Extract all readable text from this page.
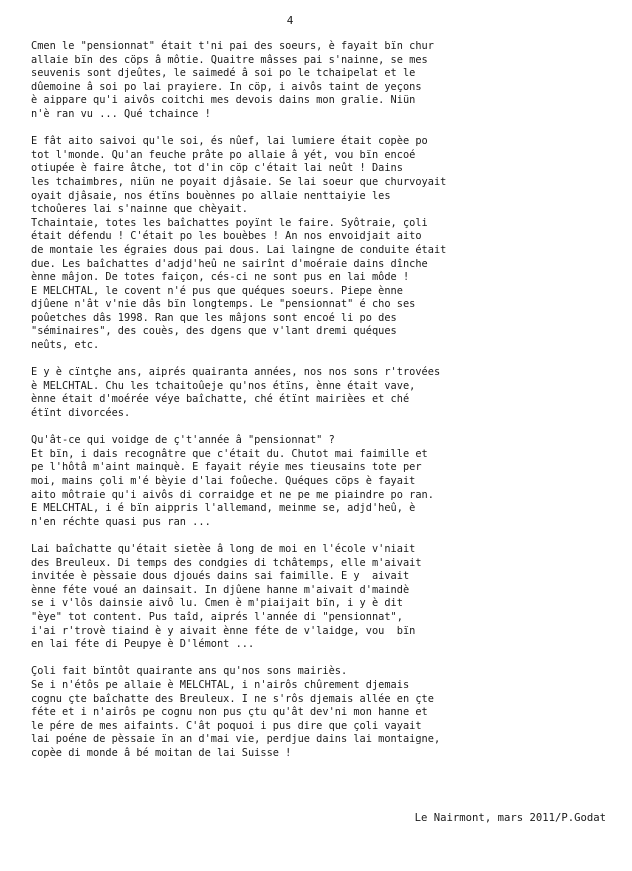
4

Cmen le "pensionnat" était t'ni pai des soeurs, è fayait bïn chur
allaie bïn des cöps â môtie. Quaitre mâsses pai s'nainne, se mes
seuvenis sont djeûtes, le saimedé â soi po le tchaipelat et le
dûemoine â soi po lai prayiere. In cöp, i aivôs taint de yeçons
è aippare qu'i aivôs coitchi mes devois dains mon gralie. Niün
n'è ran vu ... Qué tchaince !

E fât aito saivoi qu'le soi, és nûef, lai lumiere était copèe po
tot l'monde. Qu'an feuche prâte po allaie â yét, vou bïn encoé
otiupée è faire âtche, tot d'in cöp c'était lai neût ! Dains
les tchaimbres, niün ne poyait djâsaie. Se lai soeur que churvoyait
oyait djâsaie, nos étïns bouènnes po allaie nenttaiyie les
tchoûeres lai s'nainne que chèyait.
Tchaintaie, totes les baîchattes poyïnt le faire. Syôtraie, çoli
était défendu ! C'était po les bouèbes ! An nos envoidjait aito
de montaie les égraies dous pai dous. Lai laingne de conduite était
due. Les baîchattes d'adjd'heû ne sairînt d'moéraie dains dînche
ènne mâjon. De totes faiçon, cés-ci ne sont pus en lai môde !
E MELCHTAL, le covent n'é pus que quéques soeurs. Piepe ènne
djûene n'ât v'nie dâs bïn longtemps. Le "pensionnat" é cho ses
poûetches dâs 1998. Ran que les mâjons sont encoé li po des
"séminaires", des couès, des dgens que v'lant dremi quéques
neûts, etc.

E y è cïntçhe ans, aiprés quairanta années, nos nos sons r'trovées
è MELCHTAL. Chu les tchaitoûeje qu'nos étïns, ènne était vave,
ènne était d'moérée véye baîchatte, ché étïnt mairièes et ché
étïnt divorcées.

Qu'ât-ce qui voidge de ç't'année â "pensionnat" ?
Et bïn, i dais recognâtre que c'était du. Chutot mai faimille et
pe l'hôtâ m'aint mainquè. E fayait réyie mes tieusains tote per
moi, mains çoli m'é bèyie d'lai foûeche. Quéques cöps è fayait
aito môtraie qu'i aivôs di corraidge et ne pe me piaindre po ran.
E MELCHTAL, i é bïn aippris l'allemand, meinme se, adjd'heû, è
n'en réchte quasi pus ran ...

Lai baîchatte qu'était sietèe â long de moi en l'école v'niait
des Breuleux. Di temps des condgies di tchâtemps, elle m'aivait
invitée è pèssaie dous djoués dains sai faimille. E y  aivait
ènne féte voué an dainsait. In djûene hanne m'aivait d'maindè
se i v'lôs dainsie aivô lu. Cmen è m'piaijait bïn, i y è dit
"èye" tot content. Pus taîd, aiprés l'année di "pensionnat",
i'ai r'trovè tiaind è y aivait ènne féte de v'laidge, vou  bïn
en lai féte di Peupye è D'lémont ...

Çoli fait bïntôt quairante ans qu'nos sons mairiès.
Se i n'étôs pe allaie è MELCHTAL, i n'airôs chûrement djemais
cognu çte baîchatte des Breuleux. I ne s'rôs djemais allée en çte
féte et i n'airôs pe cognu non pus çtu qu'ât dev'ni mon hanne et
le pére de mes aifaints. C'ât poquoi i pus dire que çoli vayait
lai poéne de pèssaie ïn an d'mai vie, perdjue dains lai montaigne,
copèe di monde â bé moitan de lai Suisse !

Le Nairmont, mars 2011/P.Godat
